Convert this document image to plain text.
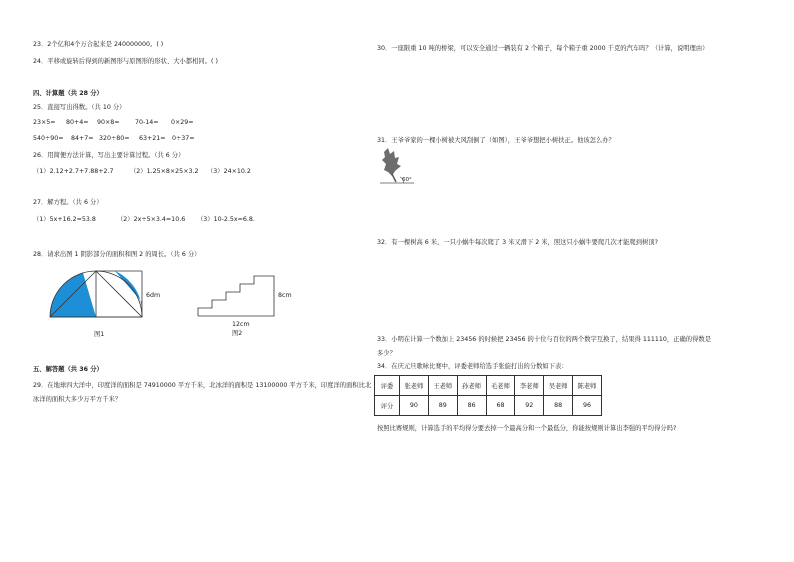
23．2个亿和4个万合起来是 240000000。( )
24．平移或旋转后得到的新图形与原图形的形状、大小都相同。( )
四、计算题（共 28 分）
25．直接写出得数。（共 10 分）
23×5= 80+4= 90×8= 70-14= 0×29=
540÷90= 84+7= 320÷80= 63+21= 0÷37=
26．用简便方法计算，写出主要计算过程。（共 6 分）
（1）2.12+2.7+7.88+2.7	（2）1.25×8×25×3.2 （3）24×10.2
27．解方程。（共 6 分）
（1）5x+16.2=53.8	（2）2x÷5×3.4=10.6 （3）10-2.5x=6.8.
28．请求出图 1 阴影部分的面积和图 2 的周长。（共 6 分）
6dm
图1
8cm
12cm
图2
五、解答题（共 36 分）
29．在地球四大洋中，印度洋的面积是 74910000 平方千米，北冰洋的面积是 13100000 平方千米，印度洋的面积比北冰洋的面积大多少万平方千米？
30．一座限重 10 吨的桥梁，可以安全通过一辆装有 2 个箱子，每个箱子重 2000 千克的汽车吗？（计算，说明理由）
31．王爷爷家的一棵小树被大风刮倒了（如图），王爷爷想把小树扶正。他该怎么办？
60°
32．有一棵树高 6 米，一只小蜗牛每次爬了 3 米又滑下 2 米，照这只小蜗牛要爬几次才能爬到树顶?
33．小明在计算一个数加上 23456 的时候把 23456 的十位与百位的两个数字互换了，结果得 111110，正确的得数是多少？
34．在庆元旦歌咏比赛中，评委老师给选手张旋打出的分数如下表：
评委	张老师	王老师	孙老师	毛老师	李老师	吴老师	陈老师
评分	90	89	86	68	92	88	96
按照比赛规则，计算选手的平均得分要去掉一个最高分和一个最低分，你能按规则计算出李强的平均得分吗?
